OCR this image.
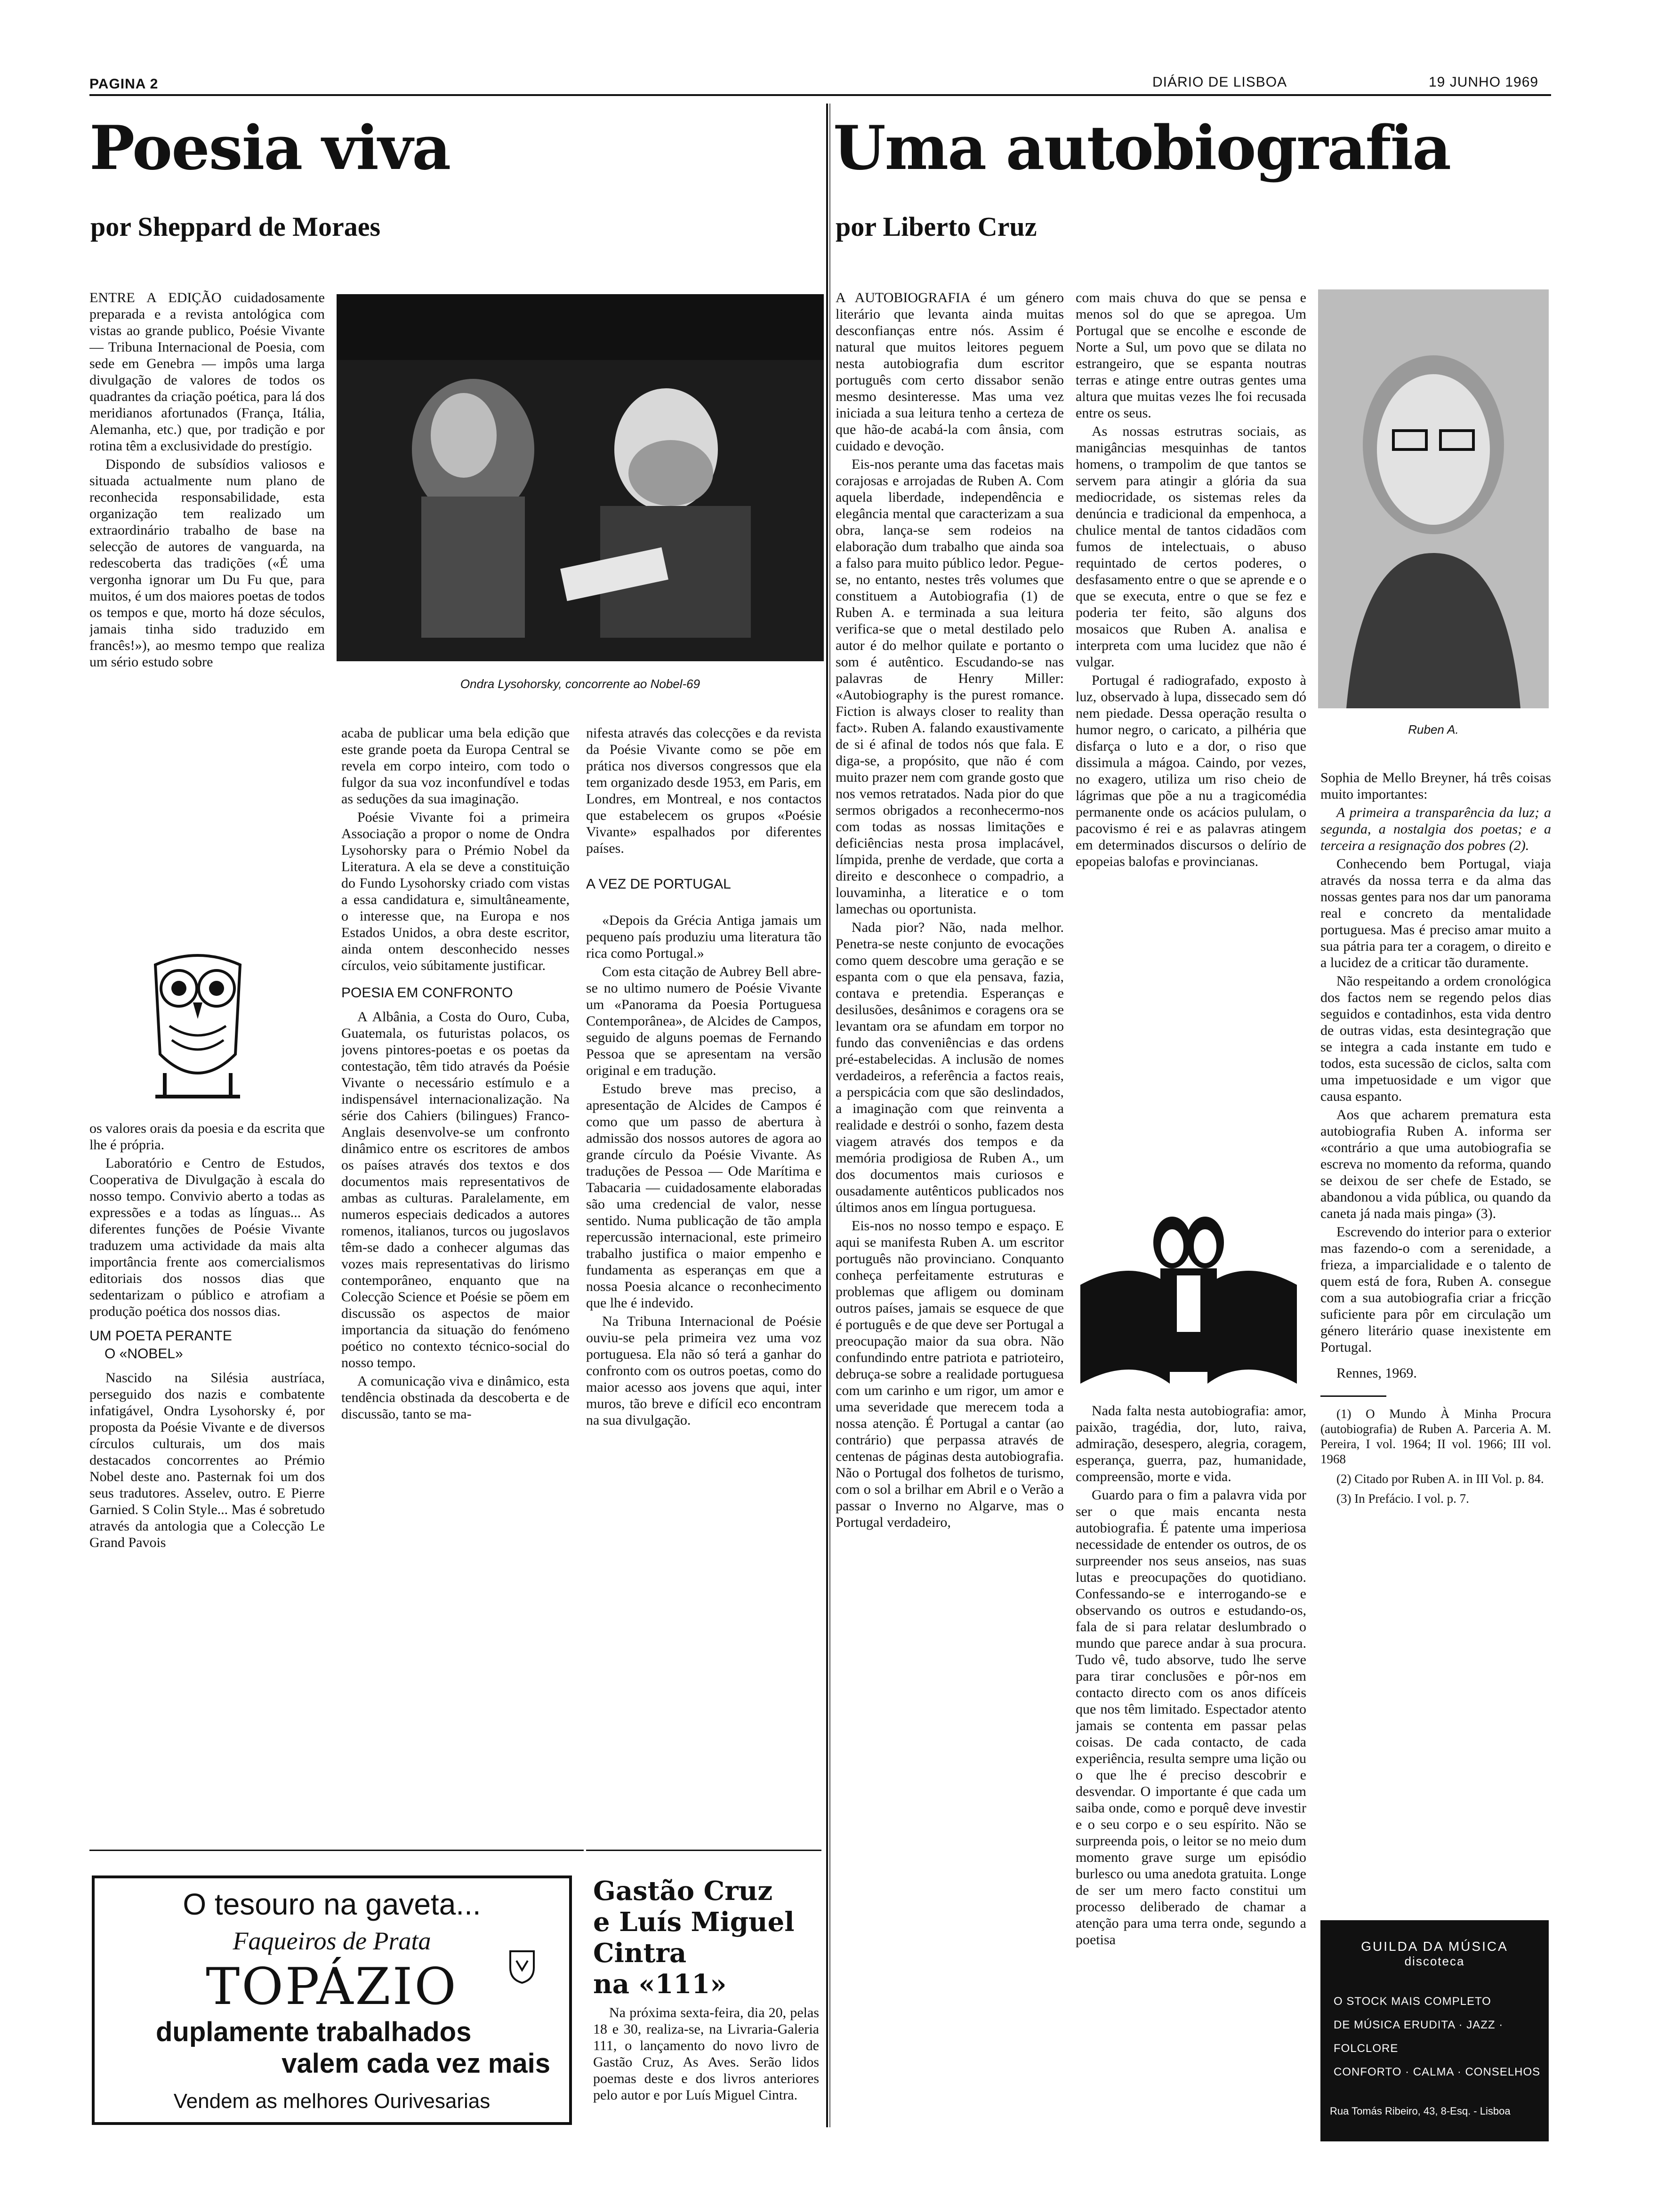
PAGINA 2	DIÁRIO DE LISBOA	19 JUNHO 1969
Poesia viva
por Sheppard de Moraes

ENTRE A EDIÇÃO cuidadosamente preparada e a revista antológica com vistas ao grande publico, Poésie Vivante — Tribuna Internacional de Poesia, com sede em Genebra — impôs uma larga divulgação de valores de todos os quadrantes da criação poética, para lá dos meridianos afortunados (França, Itália, Alemanha, etc.) que, por tradição e por rotina têm a exclusividade do prestígio.

Dispondo de subsídios valiosos e situada actualmente num plano de reconhecida responsabilidade, esta organização tem realizado um extraordinário trabalho de base na selecção de autores de vanguarda, na redescoberta das tradições («É uma vergonha ignorar um Du Fu que, para muitos, é um dos maiores poetas de todos os tempos e que, morto há doze séculos, jamais tinha sido traduzido em francês!»), ao mesmo tempo que realiza um sério estudo sobre

Ondra Lysohorsky, concorrente ao Nobel-69

os valores orais da poesia e da escrita que lhe é própria.

Laboratório e Centro de Estudos, Cooperativa de Divulgação à escala do nosso tempo. Convivio aberto a todas as expressões e a todas as línguas... As diferentes funções de Poésie Vivante traduzem uma actividade da mais alta importância frente aos comercialismos editoriais dos nossos dias que sedentarizam o público e atrofiam a produção poética dos nossos dias.

UM POETA PERANTE
O «NOBEL»

Nascido na Silésia austríaca, perseguido dos nazis e combatente infatigável, Ondra Lysohorsky é, por proposta da Poésie Vivante e de diversos círculos culturais, um dos mais destacados concorrentes ao Prémio Nobel deste ano. Pasternak foi um dos seus tradutores. Asselev, outro. E Pierre Garnied. S Colin Style... Mas é sobretudo através da antologia que a Colecção Le Grand Pavois

acaba de publicar uma bela edição que este grande poeta da Europa Central se revela em corpo inteiro, com todo o fulgor da sua voz inconfundível e todas as seduções da sua imaginação.

Poésie Vivante foi a primeira Associação a propor o nome de Ondra Lysohorsky para o Prémio Nobel da Literatura. A ela se deve a constituição do Fundo Lysohorsky criado com vistas a essa candidatura e, simultâneamente, o interesse que, na Europa e nos Estados Unidos, a obra deste escritor, ainda ontem desconhecido nesses círculos, veio súbitamente justificar.

POESIA EM CONFRONTO

A Albânia, a Costa do Ouro, Cuba, Guatemala, os futuristas polacos, os jovens pintores-poetas e os poetas da contestação, têm tido através da Poésie Vivante o necessário estímulo e a indispensável internacionalização. Na série dos Cahiers (bilingues) Franco-Anglais desenvolve-se um confronto dinâmico entre os escritores de ambos os países através dos textos e dos documentos mais representativos de ambas as culturas. Paralelamente, em numeros especiais dedicados a autores romenos, italianos, turcos ou jugoslavos têm-se dado a conhecer algumas das vozes mais representativas do lirismo contemporâneo, enquanto que na Colecção Science et Poésie se põem em discussão os aspectos de maior importancia da situação do fenómeno poético no contexto técnico-social do nosso tempo.

A comunicação viva e dinâmico, esta tendência obstinada da descoberta e de discussão, tanto se ma-

nifesta através das colecções e da revista da Poésie Vivante como se põe em prática nos diversos congressos que ela tem organizado desde 1953, em Paris, em Londres, em Montreal, e nos contactos que estabelecem os grupos «Poésie Vivante» espalhados por diferentes países.

A VEZ DE PORTUGAL

«Depois da Grécia Antiga jamais um pequeno país produziu uma literatura tão rica como Portugal.»

Com esta citação de Aubrey Bell abre-se no ultimo numero de Poésie Vivante um «Panorama da Poesia Portuguesa Contemporânea», de Alcides de Campos, seguido de alguns poemas de Fernando Pessoa que se apresentam na versão original e em tradução.

Estudo breve mas preciso, a apresentação de Alcides de Campos é como que um passo de abertura à admissão dos nossos autores de agora ao grande círculo da Poésie Vivante. As traduções de Pessoa — Ode Marítima e Tabacaria — cuidadosamente elaboradas são uma credencial de valor, nesse sentido. Numa publicação de tão ampla repercussão internacional, este primeiro trabalho justifica o maior empenho e fundamenta as esperanças em que a nossa Poesia alcance o reconhecimento que lhe é indevido.

Na Tribuna Internacional de Poésie ouviu-se pela primeira vez uma voz portuguesa. Ela não só terá a ganhar do confronto com os outros poetas, como do maior acesso aos jovens que aqui, inter muros, tão breve e difícil eco encontram na sua divulgação.

O tesouro na gaveta...
Faqueiros de Prata
TOPÁZIO
duplamente trabalhados
valem cada vez mais
Vendem as melhores Ourivesarias
Gastão Cruz
e Luís Miguel
Cintra
na «111»

Na próxima sexta-feira, dia 20, pelas 18 e 30, realiza-se, na Livraria-Galeria 111, o lançamento do novo livro de Gastão Cruz, As Aves. Serão lidos poemas deste e dos livros anteriores pelo autor e por Luís Miguel Cintra.

Uma autobiografia
por Liberto Cruz

A AUTOBIOGRAFIA é um género literário que levanta ainda muitas desconfianças entre nós. Assim é natural que muitos leitores peguem nesta autobiografia dum escritor português com certo dissabor senão mesmo desinteresse. Mas uma vez iniciada a sua leitura tenho a certeza de que hão-de acabá-la com ânsia, com cuidado e devoção.

Eis-nos perante uma das facetas mais corajosas e arrojadas de Ruben A. Com aquela liberdade, independência e elegância mental que caracterizam a sua obra, lança-se sem rodeios na elaboração dum trabalho que ainda soa a falso para muito público ledor. Pegue-se, no entanto, nestes três volumes que constituem a Autobiografia (1) de Ruben A. e terminada a sua leitura verifica-se que o metal destilado pelo autor é do melhor quilate e portanto o som é autêntico. Escudando-se nas palavras de Henry Miller: «Autobiography is the purest romance. Fiction is always closer to reality than fact». Ruben A. falando exaustivamente de si é afinal de todos nós que fala. E diga-se, a propósito, que não é com muito prazer nem com grande gosto que nos vemos retratados. Nada pior do que sermos obrigados a reconhecermo-nos com todas as nossas limitações e deficiências nesta prosa implacável, límpida, prenhe de verdade, que corta a direito e desconhece o compadrio, a louvaminha, a literatice e o tom lamechas ou oportunista.

Nada pior? Não, nada melhor. Penetra-se neste conjunto de evocações como quem descobre uma geração e se espanta com o que ela pensava, fazia, contava e pretendia. Esperanças e desilusões, desânimos e coragens ora se levantam ora se afundam em torpor no fundo das conveniências e das ordens pré-estabelecidas. A inclusão de nomes verdadeiros, a referência a factos reais, a perspicácia com que são deslindados, a imaginação com que reinventa a realidade e destrói o sonho, fazem desta viagem através dos tempos e da memória prodigiosa de Ruben A., um dos documentos mais curiosos e ousadamente autênticos publicados nos últimos anos em língua portuguesa.

Eis-nos no nosso tempo e espaço. E aqui se manifesta Ruben A. um escritor português não provinciano. Conquanto conheça perfeitamente estruturas e problemas que afligem ou dominam outros países, jamais se esquece de que é português e de que deve ser Portugal a preocupação maior da sua obra. Não confundindo entre patriota e patrioteiro, debruça-se sobre a realidade portuguesa com um carinho e um rigor, um amor e uma severidade que merecem toda a nossa atenção. É Portugal a cantar (ao contrário) que perpassa através de centenas de páginas desta autobiografia. Não o Portugal dos folhetos de turismo, com o sol a brilhar em Abril e o Verão a passar o Inverno no Algarve, mas o Portugal verdadeiro,

com mais chuva do que se pensa e menos sol do que se apregoa. Um Portugal que se encolhe e esconde de Norte a Sul, um povo que se dilata no estrangeiro, que se espanta noutras terras e atinge entre outras gentes uma altura que muitas vezes lhe foi recusada entre os seus.

As nossas estrutras sociais, as manigâncias mesquinhas de tantos homens, o trampolim de que tantos se servem para atingir a glória da sua mediocridade, os sistemas reles da denúncia e tradicional da empenhoca, a chulice mental de tantos cidadãos com fumos de intelectuais, o abuso requintado de certos poderes, o desfasamento entre o que se aprende e o que se executa, entre o que se fez e poderia ter feito, são alguns dos mosaicos que Ruben A. analisa e interpreta com uma lucidez que não é vulgar.

Portugal é radiografado, exposto à luz, observado à lupa, dissecado sem dó nem piedade. Dessa operação resulta o humor negro, o caricato, a pilhéria que disfarça o luto e a dor, o riso que dissimula a mágoa. Caindo, por vezes, no exagero, utiliza um riso cheio de lágrimas que põe a nu a tragicomédia permanente onde os acácios pululam, o pacovismo é rei e as palavras atingem em determinados discursos o delírio de epopeias balofas e provincianas.

Nada falta nesta autobiografia: amor, paixão, tragédia, dor, luto, raiva, admiração, desespero, alegria, coragem, esperança, guerra, paz, humanidade, compreensão, morte e vida.

Guardo para o fim a palavra vida por ser o que mais encanta nesta autobiografia. É patente uma imperiosa necessidade de entender os outros, de os surpreender nos seus anseios, nas suas lutas e preocupações do quotidiano. Confessando-se e interrogando-se e observando os outros e estudando-os, fala de si para relatar deslumbrado o mundo que parece andar à sua procura. Tudo vê, tudo absorve, tudo lhe serve para tirar conclusões e pôr-nos em contacto directo com os anos difíceis que nos têm limitado. Espectador atento jamais se contenta em passar pelas coisas. De cada contacto, de cada experiência, resulta sempre uma lição ou o que lhe é preciso descobrir e desvendar. O importante é que cada um saiba onde, como e porquê deve investir e o seu corpo e o seu espírito. Não se surpreenda pois, o leitor se no meio dum momento grave surge um episódio burlesco ou uma anedota gratuita. Longe de ser um mero facto constitui um processo deliberado de chamar a atenção para uma terra onde, segundo a poetisa

Ruben A.

Sophia de Mello Breyner, há três coisas muito importantes:

A primeira a transparência da luz; a segunda, a nostalgia dos poetas; e a terceira a resignação dos pobres (2).

Conhecendo bem Portugal, viaja através da nossa terra e da alma das nossas gentes para nos dar um panorama real e concreto da mentalidade portuguesa. Mas é preciso amar muito a sua pátria para ter a coragem, o direito e a lucidez de a criticar tão duramente.

Não respeitando a ordem cronológica dos factos nem se regendo pelos dias seguidos e contadinhos, esta vida dentro de outras vidas, esta desintegração que se integra a cada instante em tudo e todos, esta sucessão de ciclos, salta com uma impetuosidade e um vigor que causa espanto.

Aos que acharem prematura esta autobiografia Ruben A. informa ser «contrário a que uma autobiografia se escreva no momento da reforma, quando se deixou de ser chefe de Estado, se abandonou a vida pública, ou quando da caneta já nada mais pinga» (3).

Escrevendo do interior para o exterior mas fazendo-o com a serenidade, a frieza, a imparcialidade e o talento de quem está de fora, Ruben A. consegue com a sua autobiografia criar a fricção suficiente para pôr em circulação um género literário quase inexistente em Portugal.

Rennes, 1969.

(1) O Mundo À Minha Procura (autobiografia) de Ruben A. Parceria A. M. Pereira, I vol. 1964; II vol. 1966; III vol. 1968

(2) Citado por Ruben A. in III Vol. p. 84.

(3) In Prefácio. I vol. p. 7.

GUILDA DA MÚSICA
discoteca
O STOCK MAIS COMPLETO
DE MÚSICA ERUDITA · JAZZ ·
FOLCLORE
CONFORTO · CALMA · CONSELHOS
Rua Tomás Ribeiro, 43, 8-Esq. - Lisboa
